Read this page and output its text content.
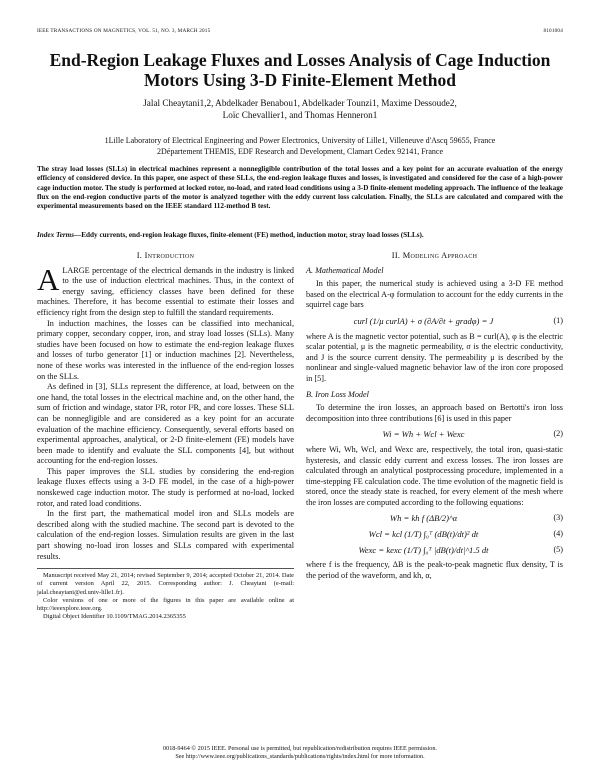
IEEE TRANSACTIONS ON MAGNETICS, VOL. 51, NO. 3, MARCH 2015	8101004
End-Region Leakage Fluxes and Losses Analysis of Cage Induction Motors Using 3-D Finite-Element Method
Jalal Cheaytani1,2, Abdelkader Benabou1, Abdelkader Tounzi1, Maxime Dessoude2,
Loïc Chevallier1, and Thomas Henneron1
1Lille Laboratory of Electrical Engineering and Power Electronics, University of Lille1, Villeneuve d'Ascq 59655, France
2Département THEMIS, EDF Research and Development, Clamart Cedex 92141, France
The stray load losses (SLLs) in electrical machines represent a nonnegligible contribution of the total losses and a key point for an accurate evaluation of the energy efficiency of considered device. In this paper, one aspect of these SLLs, the end-region leakage fluxes and losses, is investigated and considered for the case of a high-power cage induction motor. The study is performed at locked rotor, no-load, and rated load conditions using a 3-D finite-element modeling approach. The influence of the leakage flux on the end-region conductive parts of the motor is analyzed together with the eddy current loss calculation. Finally, the SLLs are calculated and compared with the experimental measurements based on the IEEE standard 112-method B test.
Index Terms—Eddy currents, end-region leakage fluxes, finite-element (FE) method, induction motor, stray load losses (SLLs).
I. Introduction

A LARGE percentage of the electrical demands in the industry is linked to the use of induction electrical machines. Thus, in the context of energy saving, efficiency classes have been defined for these machines. Therefore, it has become essential to estimate their losses and efficiency right from the design step to fulfill the standard requirements.

In induction machines, the losses can be classified into mechanical, primary copper, secondary copper, iron, and stray load losses (SLLs). Many studies have been focused on how to estimate the end-region leakage fluxes and losses of turbo generator [1] or induction machines [2]. Nevertheless, none of these works was interested in the influence of the end-region losses on the SLLs.

As defined in [3], SLLs represent the difference, at load, between on the one hand, the total losses in the electrical machine and, on the other hand, the sum of friction and windage, stator I²R, rotor I²R, and core losses. These SLL can be nonnegligible and are considered as a key point for an accurate evaluation of the machine efficiency. Consequently, several efforts based on experimental approaches, analytical, or 2-D finite-element (FE) models have been made to identify and evaluate the SLL components [4], but without accounting for the end-region losses.

This paper improves the SLL studies by considering the end-region leakage fluxes effects using a 3-D FE model, in the case of a high-power nonskewed cage induction motor. The study is performed at no-load, locked rotor, and rated load conditions.

In the first part, the mathematical model iron and SLLs models are described along with the studied machine. The second part is devoted to the calculation of the end-region losses. Simulation results are given in the last part showing no-load iron losses and SLLs compared with experimental results.

Manuscript received May 21, 2014; revised September 9, 2014; accepted October 21, 2014. Date of current version April 22, 2015. Corresponding author: J. Cheaytani (e-mail: jalal.cheaytani@ed.univ-lille1.fr).

Color versions of one or more of the figures in this paper are available online at http://ieeexplore.ieee.org.

Digital Object Identifier 10.1109/TMAG.2014.2365355

II. Modeling Approach
A. Mathematical Model

In this paper, the numerical study is achieved using a 3-D FE method based on the electrical A-φ formulation to account for the eddy currents in the squirrel cage bars

curl (1/μ curlA) + σ (∂A/∂t + gradφ) = J	(1)

where A is the magnetic vector potential, such as B = curl(A), φ is the electric scalar potential, μ is the magnetic permeability, σ is the electric conductivity, and J is the source current density. The permeability μ is described by the nonlinear and single-valued magnetic behavior law of the iron core proposed in [5].

B. Iron Loss Model

To determine the iron losses, an approach based on Bertotti's iron loss decomposition into three contributions [6] is used in this paper

Wi = Wh + Wcl + Wexc	(2)

where Wi, Wh, Wcl, and Wexc are, respectively, the total iron, quasi-static hysteresis, and classic eddy current and excess losses. The iron losses are calculated through an analytical postprocessing procedure, implemented in a time-stepping FE calculation code. The time evolution of the magnetic field is stored, once the steady state is reached, for every element of the mesh where the iron losses are computed according to the following equations:

Wh = kh f (ΔB/2)^α	(3)
Wcl = kcl (1/T) ∫₀ᵀ (dB(t)/dt)² dt	(4)
Wexc = kexc (1/T) ∫₀ᵀ |dB(t)/dt|^1.5 dt	(5)

where f is the frequency, ΔB is the peak-to-peak magnetic flux density, T is the period of the waveform, and kh, α,

0018-9464 © 2015 IEEE. Personal use is permitted, but republication/redistribution requires IEEE permission.
See http://www.ieee.org/publications_standards/publications/rights/index.html for more information.
